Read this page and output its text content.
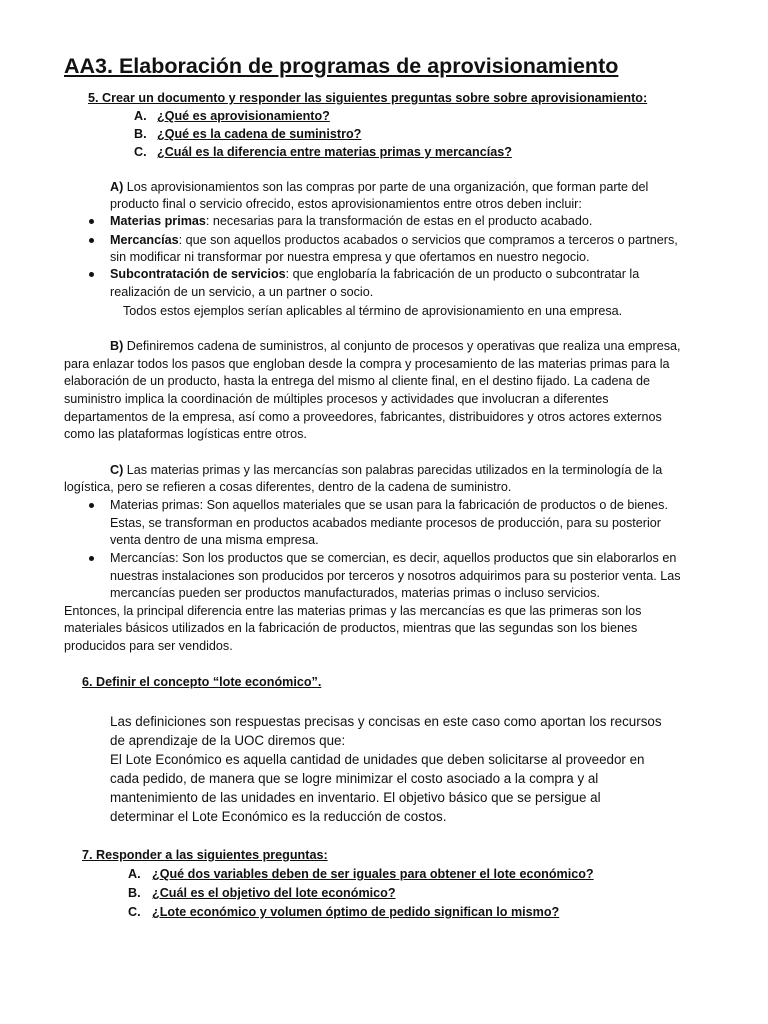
AA3. Elaboración de programas de aprovisionamiento
5. Crear un documento y responder las siguientes preguntas sobre sobre aprovisionamiento:
A. ¿Qué es aprovisionamiento?
B. ¿Qué es la cadena de suministro?
C. ¿Cuál es la diferencia entre materias primas y mercancías?
A) Los aprovisionamientos son las compras por parte de una organización, que forman parte del
producto final o servicio ofrecido, estos aprovisionamientos entre otros deben incluir:
Materias primas: necesarias para la transformación de estas en el producto acabado.
Mercancías: que son aquellos productos acabados o servicios que compramos a terceros o partners,
sin modificar ni transformar por nuestra empresa y que ofertamos en nuestro negocio.
Subcontratación de servicios: que englobaría la fabricación de un producto o subcontratar la
realización de un servicio, a un partner o socio.
Todos estos ejemplos serían aplicables al término de aprovisionamiento en una empresa.
B) Definiremos cadena de suministros, al conjunto de procesos y operativas que realiza una empresa,
para enlazar todos los pasos que engloban desde la compra y procesamiento de las materias primas para la
elaboración de un producto, hasta la entrega del mismo al cliente final, en el destino fijado. La cadena de
suministro implica la coordinación de múltiples procesos y actividades que involucran a diferentes
departamentos de la empresa, así como a proveedores, fabricantes, distribuidores y otros actores externos
como las plataformas logísticas entre otros.
C) Las materias primas y las mercancías son palabras parecidas utilizados en la terminología de la
logística, pero se refieren a cosas diferentes, dentro de la cadena de suministro.
Materias primas: Son aquellos materiales que se usan para la fabricación de productos o de bienes.
Estas, se transforman en productos acabados mediante procesos de producción, para su posterior
venta dentro de una misma empresa.
Mercancías: Son los productos que se comercian, es decir, aquellos productos que sin elaborarlos en
nuestras instalaciones son producidos por terceros y nosotros adquirimos para su posterior venta. Las
mercancías pueden ser productos manufacturados, materias primas o incluso servicios.
Entonces, la principal diferencia entre las materias primas y las mercancías es que las primeras son los
materiales básicos utilizados en la fabricación de productos, mientras que las segundas son los bienes
producidos para ser vendidos.
6. Definir el concepto “lote económico”.
Las definiciones son respuestas precisas y concisas en este caso como aportan los recursos
de aprendizaje de la UOC diremos que:
El Lote Económico es aquella cantidad de unidades que deben solicitarse al proveedor en
cada pedido, de manera que se logre minimizar el costo asociado a la compra y al
mantenimiento de las unidades en inventario. El objetivo básico que se persigue al
determinar el Lote Económico es la reducción de costos.
7. Responder a las siguientes preguntas:
A. ¿Qué dos variables deben de ser iguales para obtener el lote económico?
B. ¿Cuál es el objetivo del lote económico?
C. ¿Lote económico y volumen óptimo de pedido significan lo mismo?
